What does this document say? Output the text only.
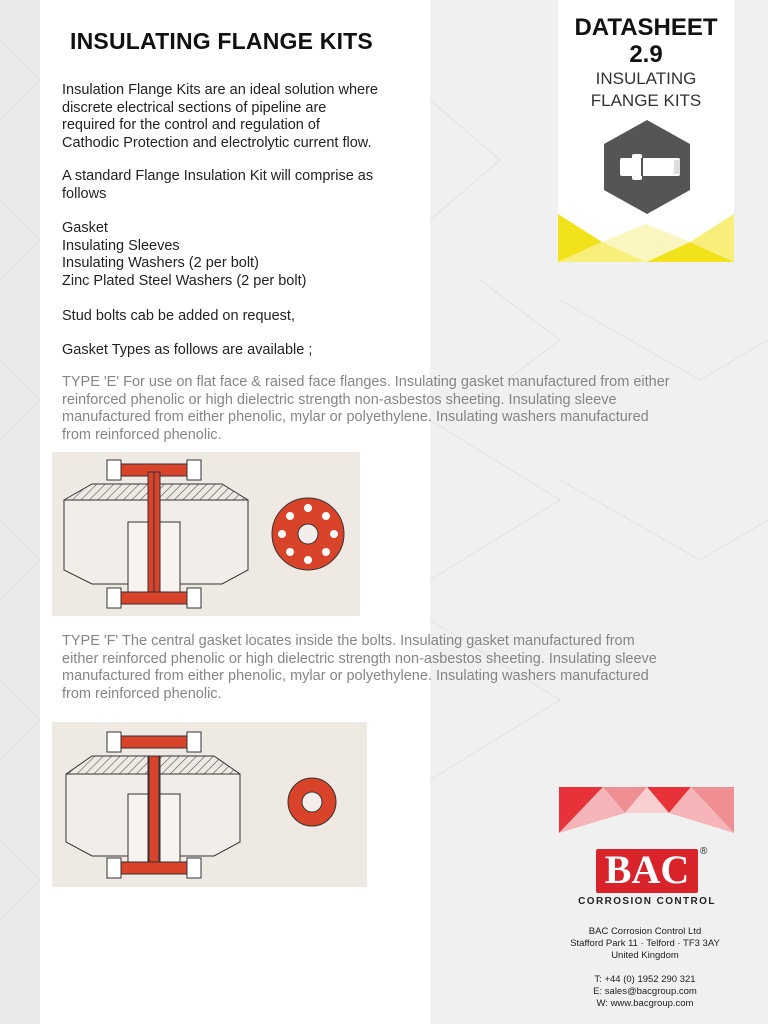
DATASHEET
2.9
INSULATING
FLANGE KITS
INSULATING FLANGE KITS

Insulation Flange Kits are an ideal solution where
discrete electrical sections of pipeline are
required for the control and regulation of
Cathodic Protection and electrolytic current flow.

A standard Flange Insulation Kit will comprise as
follows

Gasket
Insulating Sleeves
Insulating Washers (2 per bolt)
Zinc Plated Steel Washers (2 per bolt)

Stud bolts cab be added on request,

Gasket Types as follows are available ;

TYPE 'E' For use on flat face & raised face flanges. Insulating gasket manufactured from either
reinforced phenolic or high dielectric strength non-asbestos sheeting. Insulating sleeve
manufactured from either phenolic, mylar or polyethylene. Insulating washers manufactured
from reinforced phenolic.

TYPE 'F' The central gasket locates inside the bolts. Insulating gasket manufactured from
either reinforced phenolic or high dielectric strength non-asbestos sheeting. Insulating sleeve
manufactured from either phenolic, mylar or polyethylene. Insulating washers manufactured
from reinforced phenolic.

BAC	®
CORROSION CONTROL
BAC Corrosion Control Ltd
Stafford Park 11 · Telford · TF3 3AY
United Kingdom
T: +44 (0) 1952 290 321
E: sales@bacgroup.com
W: www.bacgroup.com
